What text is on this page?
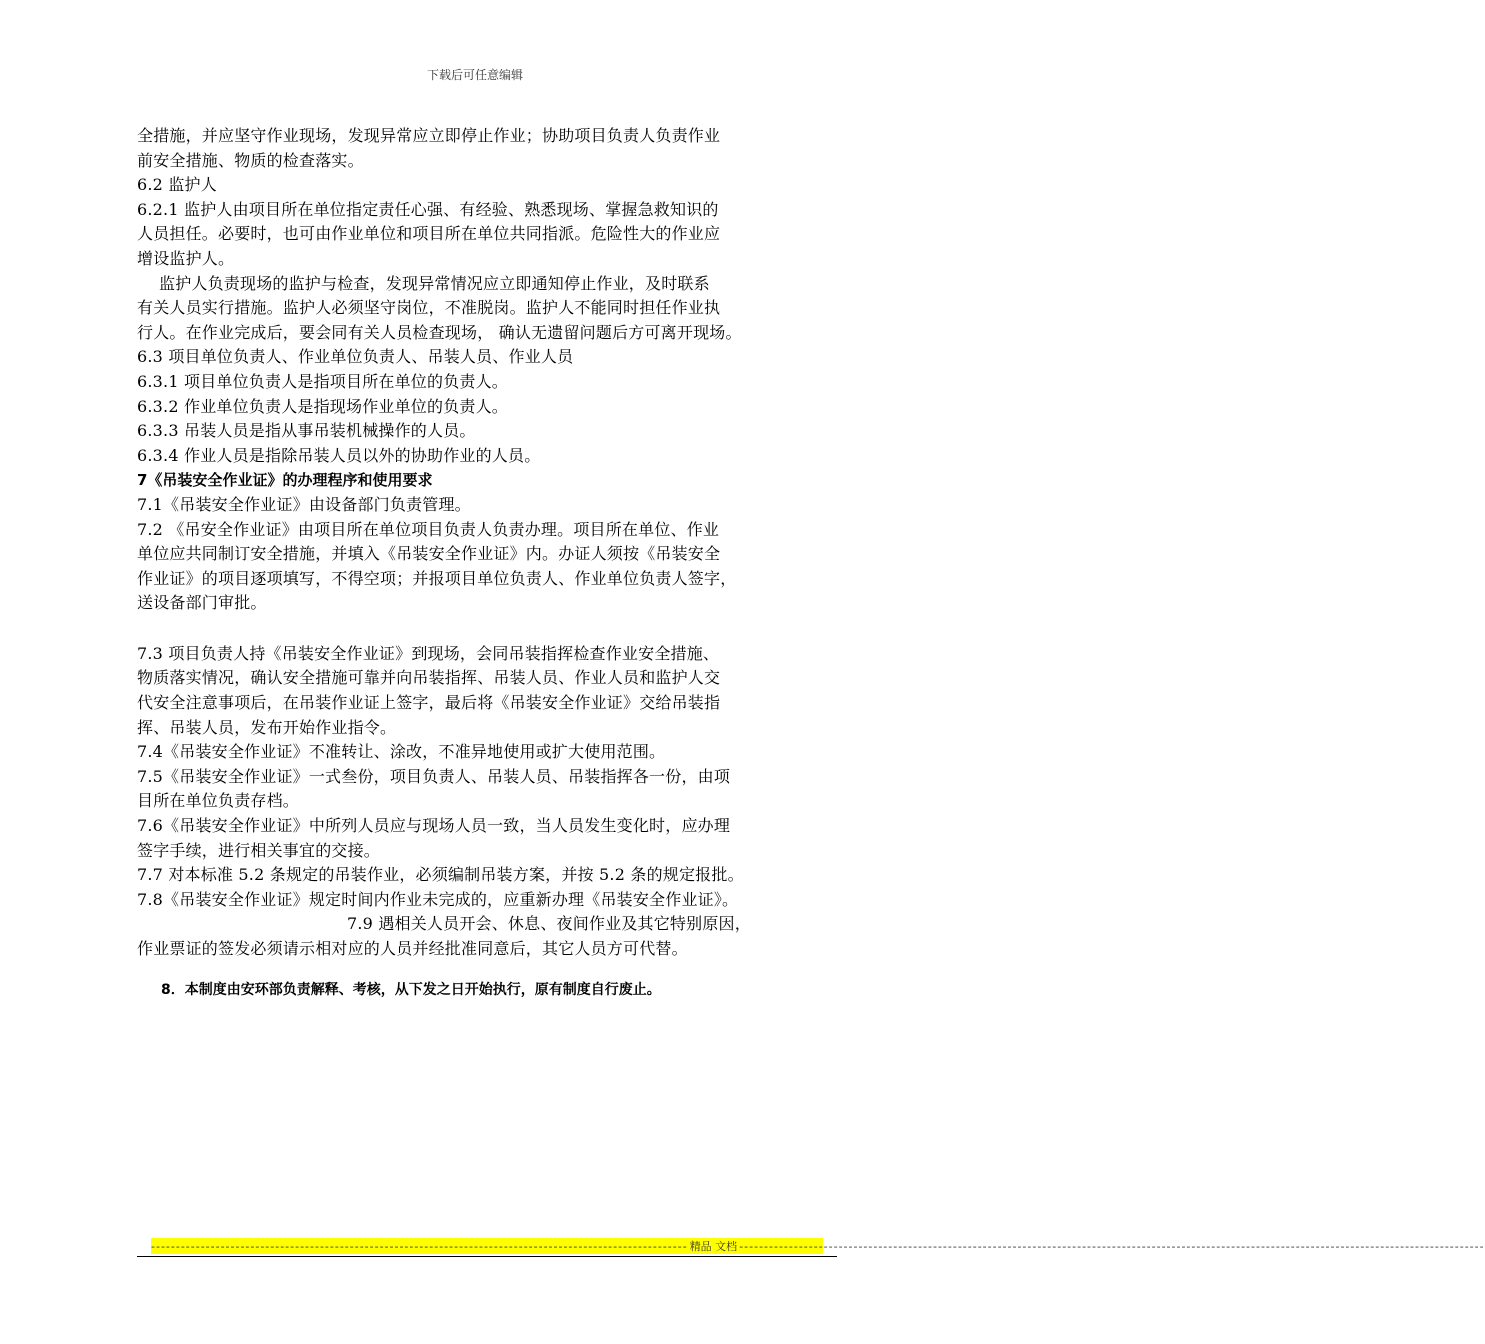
下载后可任意编辑
全措施，并应坚守作业现场，发现异常应立即停止作业；协助项目负责人负责作业
前安全措施、物质的检查落实。
6.2 监护人
6.2.1 监护人由项目所在单位指定责任心强、有经验、熟悉现场、掌握急救知识的
人员担任。必要时，也可由作业单位和项目所在单位共同指派。危险性大的作业应
增设监护人。
监护人负责现场的监护与检查，发现异常情况应立即通知停止作业，及时联系
有关人员实行措施。监护人必须坚守岗位，不准脱岗。监护人不能同时担任作业执
行人。在作业完成后，要会同有关人员检查现场， 确认无遗留问题后方可离开现场。
6.3 项目单位负责人、作业单位负责人、吊装人员、作业人员
6.3.1 项目单位负责人是指项目所在单位的负责人。
6.3.2 作业单位负责人是指现场作业单位的负责人。
6.3.3 吊装人员是指从事吊装机械操作的人员。
6.3.4 作业人员是指除吊装人员以外的协助作业的人员。
7《吊装安全作业证》的办理程序和使用要求
7.1《吊装安全作业证》由设备部门负责管理。
7.2 《吊安全作业证》由项目所在单位项目负责人负责办理。项目所在单位、作业
单位应共同制订安全措施，并填入《吊装安全作业证》内。办证人须按《吊装安全
作业证》的项目逐项填写，不得空项；并报项目单位负责人、作业单位负责人签字，
送设备部门审批。
7.3 项目负责人持《吊装安全作业证》到现场，会同吊装指挥检查作业安全措施、
物质落实情况，确认安全措施可靠并向吊装指挥、吊装人员、作业人员和监护人交
代安全注意事项后，在吊装作业证上签字，最后将《吊装安全作业证》交给吊装指
挥、吊装人员，发布开始作业指令。
7.4《吊装安全作业证》不准转让、涂改，不准异地使用或扩大使用范围。
7.5《吊装安全作业证》一式叁份，项目负责人、吊装人员、吊装指挥各一份，由项
目所在单位负责存档。
7.6《吊装安全作业证》中所列人员应与现场人员一致，当人员发生变化时，应办理
签字手续，进行相关事宜的交接。
7.7 对本标准 5.2 条规定的吊装作业，必须编制吊装方案，并按 5.2 条的规定报批。
7.8《吊装安全作业证》规定时间内作业未完成的，应重新办理《吊装安全作业证》。
7.9 遇相关人员开会、休息、夜间作业及其它特别原因，
作业票证的签发必须请示相对应的人员并经批准同意后，其它人员方可代替。
8．本制度由安环部负责解释、考核，从下发之日开始执行，原有制度自行废止。
------------------------------------------------------------------------------------------------------------ 精品 文档 ------------------------------------------------------------------------------------------------------------------------------------------------------
